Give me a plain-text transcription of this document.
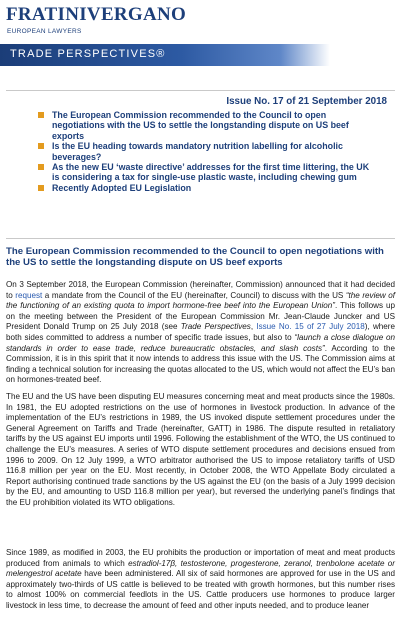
FRATINIVERGANO
EUROPEAN LAWYERS
TRADE PERSPECTIVES®
Issue No. 17 of 21 September 2018
The European Commission recommended to the Council to open negotiations with the US to settle the longstanding dispute on US beef exports
Is the EU heading towards mandatory nutrition labelling for alcoholic beverages?
As the new EU ‘waste directive’ addresses for the first time littering, the UK is considering a tax for single-use plastic waste, including chewing gum
Recently Adopted EU Legislation
The European Commission recommended to the Council to open negotiations with the US to settle the longstanding dispute on US beef exports

On 3 September 2018, the European Commission (hereinafter, Commission) announced that it had decided to request a mandate from the Council of the EU (hereinafter, Council) to discuss with the US “the review of the functioning of an existing quota to import hormone-free beef into the European Union”. This follows up on the meeting between the President of the European Commission Mr. Jean-Claude Juncker and US President Donald Trump on 25 July 2018 (see Trade Perspectives, Issue No. 15 of 27 July 2018), where both sides committed to address a number of specific trade issues, but also to “launch a close dialogue on standards in order to ease trade, reduce bureaucratic obstacles, and slash costs”. According to the Commission, it is in this spirit that it now intends to address this issue with the US. The Commission aims at finding a technical solution for increasing the quotas allocated to the US, which would not affect the EU’s ban on hormones-treated beef.

The EU and the US have been disputing EU measures concerning meat and meat products since the 1980s. In 1981, the EU adopted restrictions on the use of hormones in livestock production. In advance of the implementation of the EU’s restrictions in 1989, the US invoked dispute settlement procedures under the General Agreement on Tariffs and Trade (hereinafter, GATT) in 1986. The dispute resulted in retaliatory tariffs by the US against EU imports until 1996. Following the establishment of the WTO, the US continued to challenge the EU’s measures. A series of WTO dispute settlement procedures and decisions ensued from 1996 to 2009. On 12 July 1999, a WTO arbitrator authorised the US to impose retaliatory tariffs of USD 116.8 million per year on the EU. Most recently, in October 2008, the WTO Appellate Body circulated a Report authorising continued trade sanctions by the US against the EU (on the basis of a July 1999 decision by the EU, and amounting to USD 116.8 million per year), but reversed the underlying panel’s findings that the EU prohibition violated its WTO obligations.

Since 1989, as modified in 2003, the EU prohibits the production or importation of meat and meat products produced from animals to which estradiol-17β, testosterone, progesterone, zeranol, trenbolone acetate or melengestrol acetate have been administered. All six of said hormones are approved for use in the US and approximately two-thirds of US cattle is believed to be treated with growth hormones, but this number rises to almost 100% on commercial feedlots in the US. Cattle producers use hormones to produce larger livestock in less time, to decrease the amount of feed and other inputs needed, and to produce leaner
